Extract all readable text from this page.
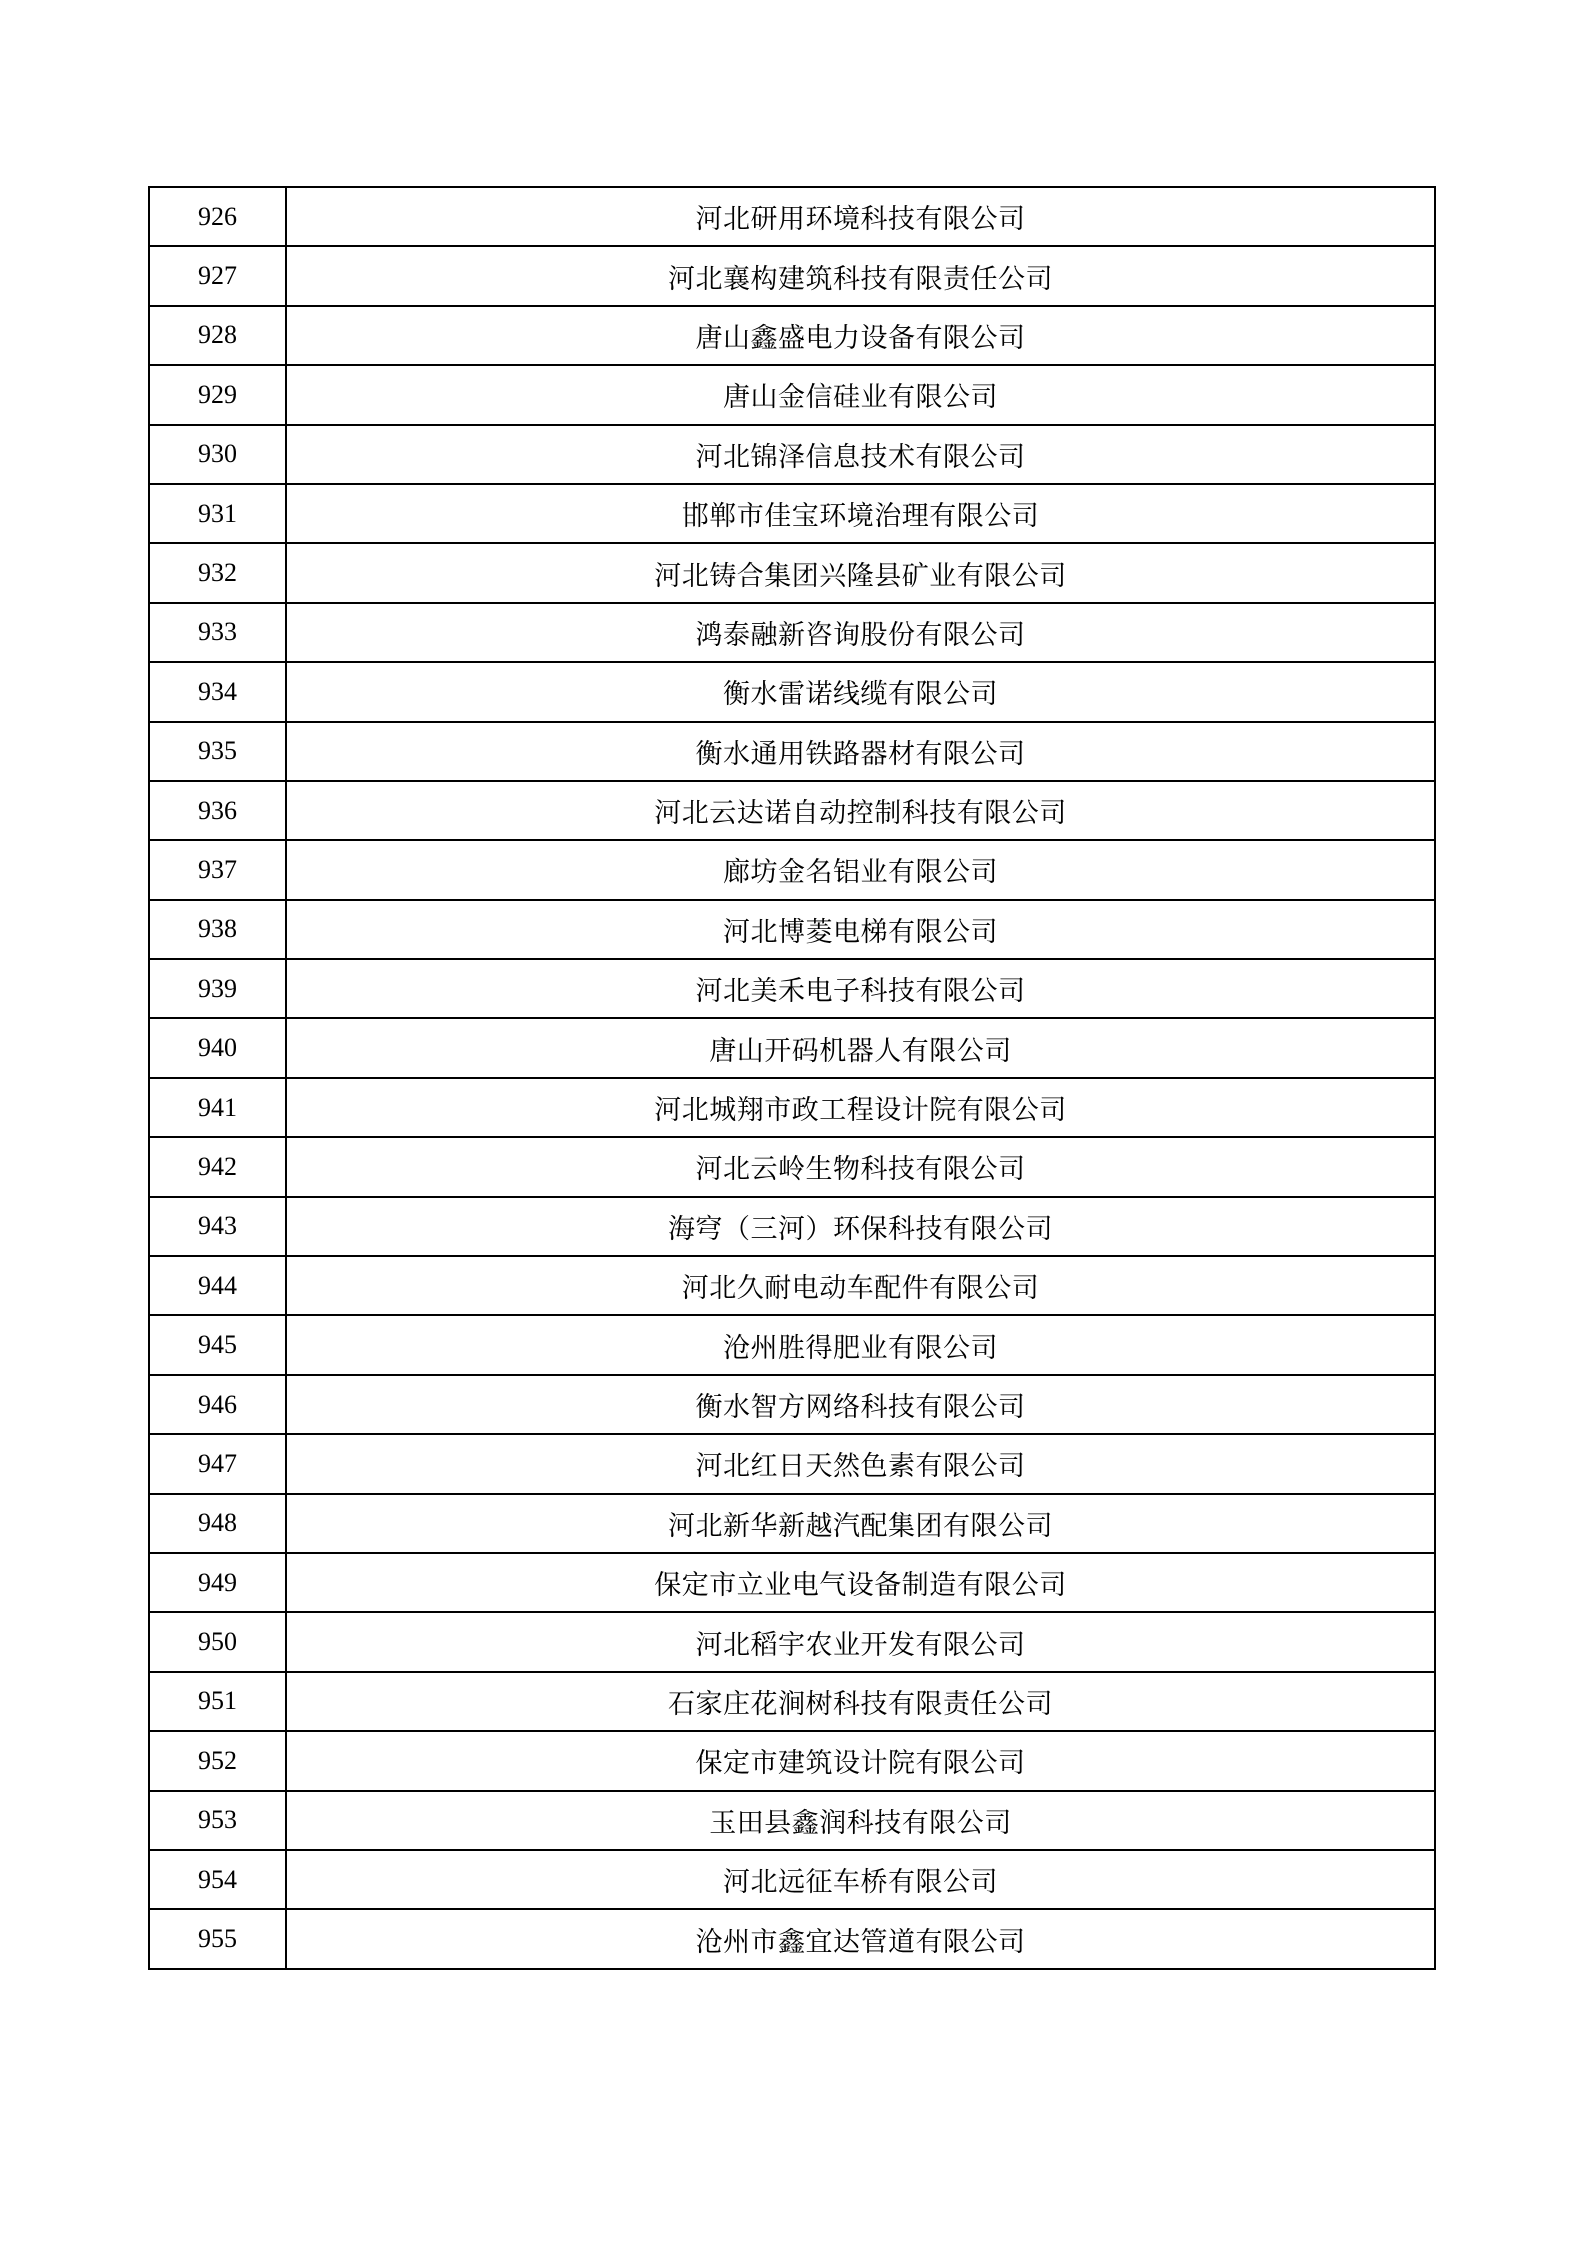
926	河北研用环境科技有限公司
927	河北襄构建筑科技有限责任公司
928	唐山鑫盛电力设备有限公司
929	唐山金信硅业有限公司
930	河北锦泽信息技术有限公司
931	邯郸市佳宝环境治理有限公司
932	河北铸合集团兴隆县矿业有限公司
933	鸿泰融新咨询股份有限公司
934	衡水雷诺线缆有限公司
935	衡水通用铁路器材有限公司
936	河北云达诺自动控制科技有限公司
937	廊坊金名铝业有限公司
938	河北博菱电梯有限公司
939	河北美禾电子科技有限公司
940	唐山开码机器人有限公司
941	河北城翔市政工程设计院有限公司
942	河北云岭生物科技有限公司
943	海穹（三河）环保科技有限公司
944	河北久耐电动车配件有限公司
945	沧州胜得肥业有限公司
946	衡水智方网络科技有限公司
947	河北红日天然色素有限公司
948	河北新华新越汽配集团有限公司
949	保定市立业电气设备制造有限公司
950	河北稻宇农业开发有限公司
951	石家庄花涧树科技有限责任公司
952	保定市建筑设计院有限公司
953	玉田县鑫润科技有限公司
954	河北远征车桥有限公司
955	沧州市鑫宜达管道有限公司
